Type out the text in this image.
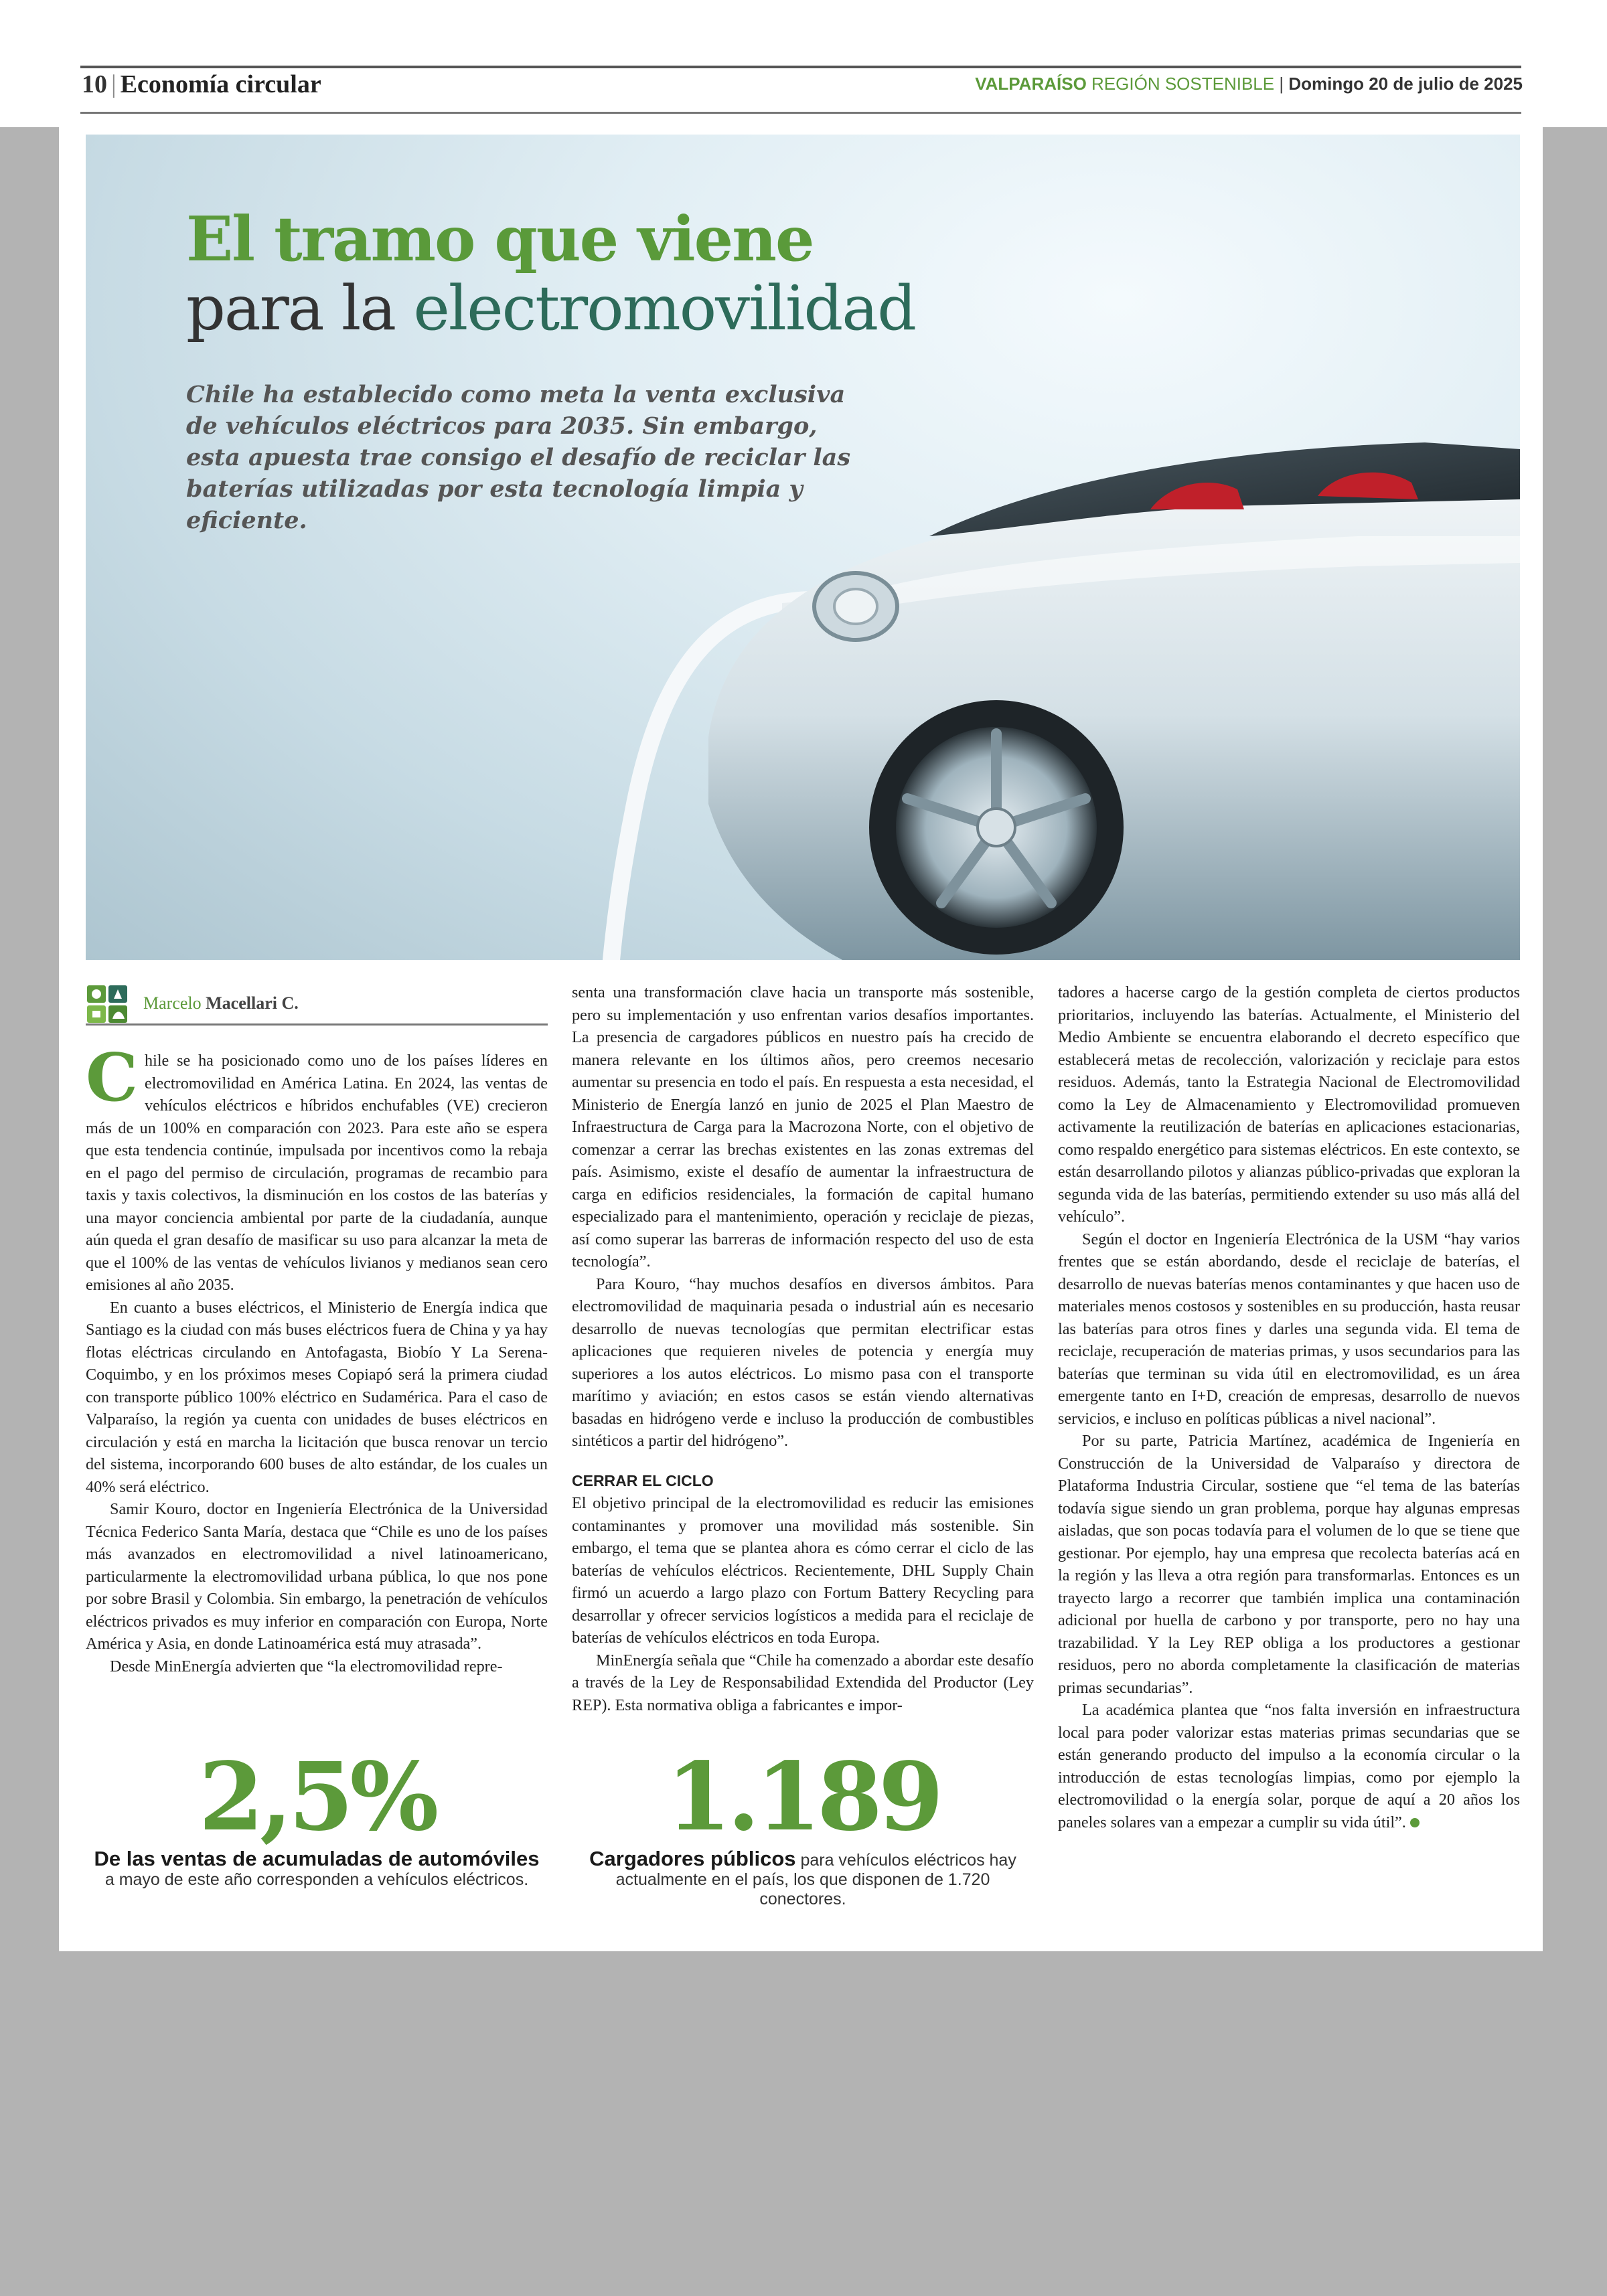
10 | Economía circular	VALPARAÍSO REGIÓN SOSTENIBLE | Domingo 20 de julio de 2025
El tramo que viene
para la electromovilidad
Chile ha establecido como meta la venta exclusiva de vehículos eléctricos para 2035. Sin embargo, esta apuesta trae consigo el desafío de reciclar las baterías utilizadas por esta tecnología limpia y eficiente.
Marcelo Macellari C.

Chile se ha posicionado como uno de los países líderes en electromovilidad en América Latina. En 2024, las ventas de vehículos eléctricos e híbridos enchufables (VE) crecieron más de un 100% en comparación con 2023. Para este año se espera que esta tendencia continúe, impulsada por incentivos como la rebaja en el pago del permiso de circulación, programas de recambio para taxis y taxis colectivos, la disminución en los costos de las baterías y una mayor conciencia ambiental por parte de la ciudadanía, aunque aún queda el gran desafío de masificar su uso para alcanzar la meta de que el 100% de las ventas de vehículos livianos y medianos sean cero emisiones al año 2035.

En cuanto a buses eléctricos, el Ministerio de Energía indica que Santiago es la ciudad con más buses eléctricos fuera de China y ya hay flotas eléctricas circulando en Antofagasta, Biobío Y La Serena-Coquimbo, y en los próximos meses Copiapó será la primera ciudad con transporte público 100% eléctrico en Sudamérica. Para el caso de Valparaíso, la región ya cuenta con unidades de buses eléctricos en circulación y está en marcha la licitación que busca renovar un tercio del sistema, incorporando 600 buses de alto estándar, de los cuales un 40% será eléctrico.

Samir Kouro, doctor en Ingeniería Electrónica de la Universidad Técnica Federico Santa María, destaca que “Chile es uno de los países más avanzados en electromovilidad a nivel latinoamericano, particularmente la electromovilidad urbana pública, lo que nos pone por sobre Brasil y Colombia. Sin embargo, la penetración de vehículos eléctricos privados es muy inferior en comparación con Europa, Norte América y Asia, en donde Latinoamérica está muy atrasada”.

Desde MinEnergía advierten que “la electromovilidad repre-

senta una transformación clave hacia un transporte más sostenible, pero su implementación y uso enfrentan varios desafíos importantes. La presencia de cargadores públicos en nuestro país ha crecido de manera relevante en los últimos años, pero creemos necesario aumentar su presencia en todo el país. En respuesta a esta necesidad, el Ministerio de Energía lanzó en junio de 2025 el Plan Maestro de Infraestructura de Carga para la Macrozona Norte, con el objetivo de comenzar a cerrar las brechas existentes en las zonas extremas del país. Asimismo, existe el desafío de aumentar la infraestructura de carga en edificios residenciales, la formación de capital humano especializado para el mantenimiento, operación y reciclaje de piezas, así como superar las barreras de información respecto del uso de esta tecnología”.

Para Kouro, “hay muchos desafíos en diversos ámbitos. Para electromovilidad de maquinaria pesada o industrial aún es necesario desarrollo de nuevas tecnologías que permitan electrificar estas aplicaciones que requieren niveles de potencia y energía muy superiores a los autos eléctricos. Lo mismo pasa con el transporte marítimo y aviación; en estos casos se están viendo alternativas basadas en hidrógeno verde e incluso la producción de combustibles sintéticos a partir del hidrógeno”.

CERRAR EL CICLO

El objetivo principal de la electromovilidad es reducir las emisiones contaminantes y promover una movilidad más sostenible. Sin embargo, el tema que se plantea ahora es cómo cerrar el ciclo de las baterías de vehículos eléctricos. Recientemente, DHL Supply Chain firmó un acuerdo a largo plazo con Fortum Battery Recycling para desarrollar y ofrecer servicios logísticos a medida para el reciclaje de baterías de vehículos eléctricos en toda Europa.

MinEnergía señala que “Chile ha comenzado a abordar este desafío a través de la Ley de Responsabilidad Extendida del Productor (Ley REP). Esta normativa obliga a fabricantes e impor-

tadores a hacerse cargo de la gestión completa de ciertos productos prioritarios, incluyendo las baterías. Actualmente, el Ministerio del Medio Ambiente se encuentra elaborando el decreto específico que establecerá metas de recolección, valorización y reciclaje para estos residuos. Además, tanto la Estrategia Nacional de Electromovilidad como la Ley de Almacenamiento y Electromovilidad promueven activamente la reutilización de baterías en aplicaciones estacionarias, como respaldo energético para sistemas eléctricos. En este contexto, se están desarrollando pilotos y alianzas público-privadas que exploran la segunda vida de las baterías, permitiendo extender su uso más allá del vehículo”.

Según el doctor en Ingeniería Electrónica de la USM “hay varios frentes que se están abordando, desde el reciclaje de baterías, el desarrollo de nuevas baterías menos contaminantes y que hacen uso de materiales menos costosos y sostenibles en su producción, hasta reusar las baterías para otros fines y darles una segunda vida. El tema de reciclaje, recuperación de materias primas, y usos secundarios para las baterías que terminan su vida útil en electromovilidad, es un área emergente tanto en I+D, creación de empresas, desarrollo de nuevos servicios, e incluso en políticas públicas a nivel nacional”.

Por su parte, Patricia Martínez, académica de Ingeniería en Construcción de la Universidad de Valparaíso y directora de Plataforma Industria Circular, sostiene que “el tema de las baterías todavía sigue siendo un gran problema, porque hay algunas empresas aisladas, que son pocas todavía para el volumen de lo que se tiene que gestionar. Por ejemplo, hay una empresa que recolecta baterías acá en la región y las lleva a otra región para transformarlas. Entonces es un trayecto largo a recorrer que también implica una contaminación adicional por huella de carbono y por transporte, pero no hay una trazabilidad. Y la Ley REP obliga a los productores a gestionar residuos, pero no aborda completamente la clasificación de materias primas secundarias”.

La académica plantea que “nos falta inversión en infraestructura local para poder valorizar estas materias primas secundarias que se están generando producto del impulso a la economía circular o la introducción de estas tecnologías limpias, como por ejemplo la electromovilidad o la energía solar, porque de aquí a 20 años los paneles solares van a empezar a cumplir su vida útil”.

2,5%
De las ventas de acumuladas de automóviles
a mayo de este año corresponden a vehículos eléctricos.
1.189
Cargadores públicos para vehículos eléctricos hay actualmente en el país, los que disponen de 1.720 conectores.
